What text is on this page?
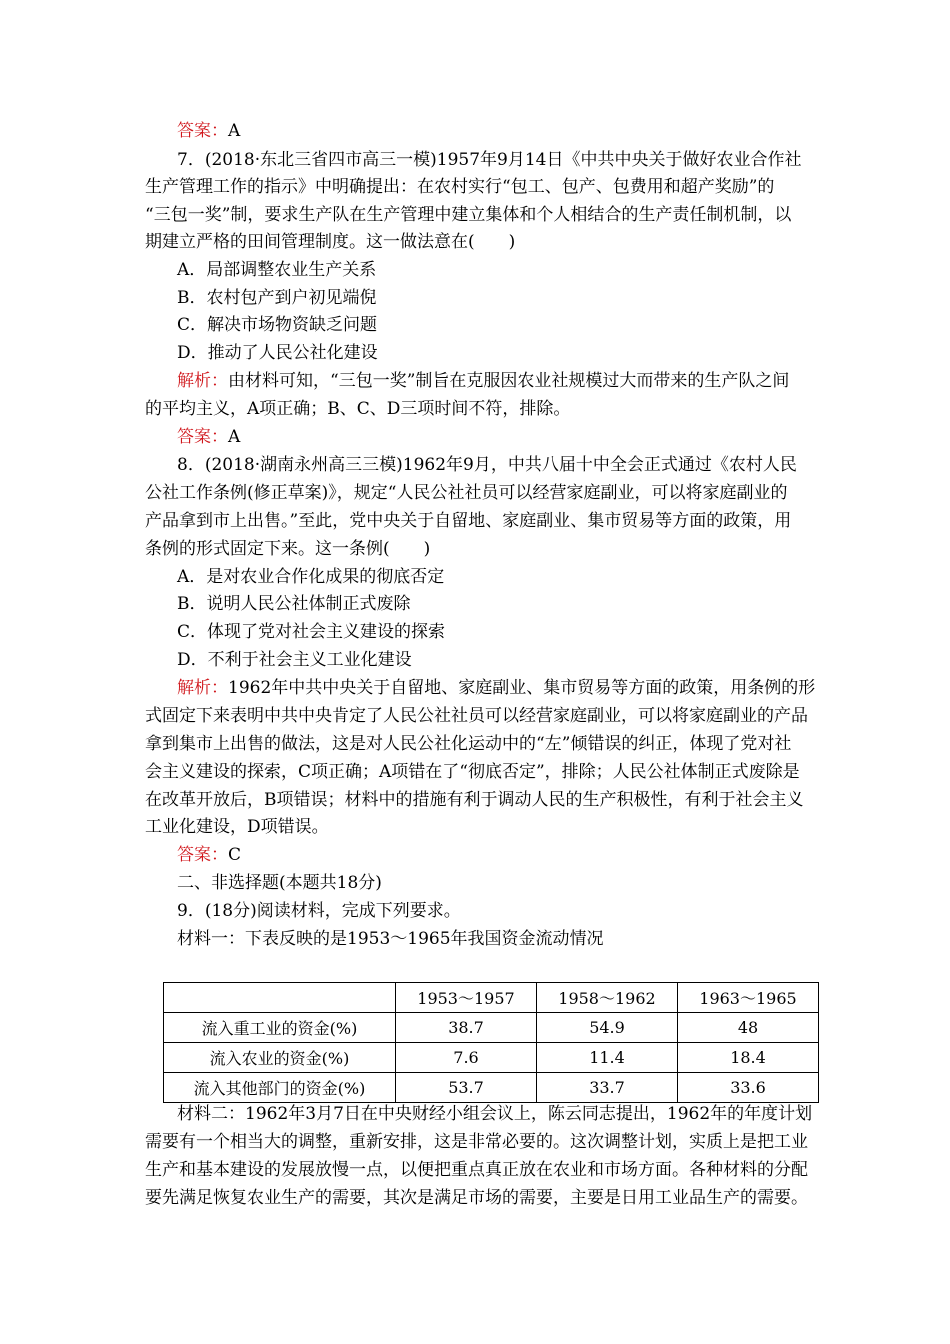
答案：A
7．(2018·东北三省四市高三一模)1957年9月14日《中共中央关于做好农业合作社
生产管理工作的指示》中明确提出：在农村实行“包工、包产、包费用和超产奖励”的
“三包一奖”制，要求生产队在生产管理中建立集体和个人相结合的生产责任制机制，以
期建立严格的田间管理制度。这一做法意在(　　)
A．局部调整农业生产关系
B．农村包产到户初见端倪
C．解决市场物资缺乏问题
D．推动了人民公社化建设
解析：由材料可知，“三包一奖”制旨在克服因农业社规模过大而带来的生产队之间
的平均主义，A项正确；B、C、D三项时间不符，排除。
答案：A
8．(2018·湖南永州高三三模)1962年9月，中共八届十中全会正式通过《农村人民
公社工作条例(修正草案)》，规定“人民公社社员可以经营家庭副业，可以将家庭副业的
产品拿到市上出售。”至此，党中央关于自留地、家庭副业、集市贸易等方面的政策，用
条例的形式固定下来。这一条例(　　)
A．是对农业合作化成果的彻底否定
B．说明人民公社体制正式废除
C．体现了党对社会主义建设的探索
D．不利于社会主义工业化建设
解析：1962年中共中央关于自留地、家庭副业、集市贸易等方面的政策，用条例的形
式固定下来表明中共中央肯定了人民公社社员可以经营家庭副业，可以将家庭副业的产品
拿到集市上出售的做法，这是对人民公社化运动中的“左”倾错误的纠正，体现了党对社
会主义建设的探索，C项正确；A项错在了“彻底否定”，排除；人民公社体制正式废除是
在改革开放后，B项错误；材料中的措施有利于调动人民的生产积极性，有利于社会主义
工业化建设，D项错误。
答案：C
二、非选择题(本题共18分)
9．(18分)阅读材料，完成下列要求。
材料一：下表反映的是1953～1965年我国资金流动情况
	1953～1957	1958～1962	1963～1965
流入重工业的资金(%)	38.7	54.9	48
流入农业的资金(%)	7.6	11.4	18.4
流入其他部门的资金(%)	53.7	33.7	33.6
材料二：1962年3月7日在中央财经小组会议上，陈云同志提出，1962年的年度计划
需要有一个相当大的调整，重新安排，这是非常必要的。这次调整计划，实质上是把工业
生产和基本建设的发展放慢一点，以便把重点真正放在农业和市场方面。各种材料的分配
要先满足恢复农业生产的需要，其次是满足市场的需要，主要是日用工业品生产的需要。
